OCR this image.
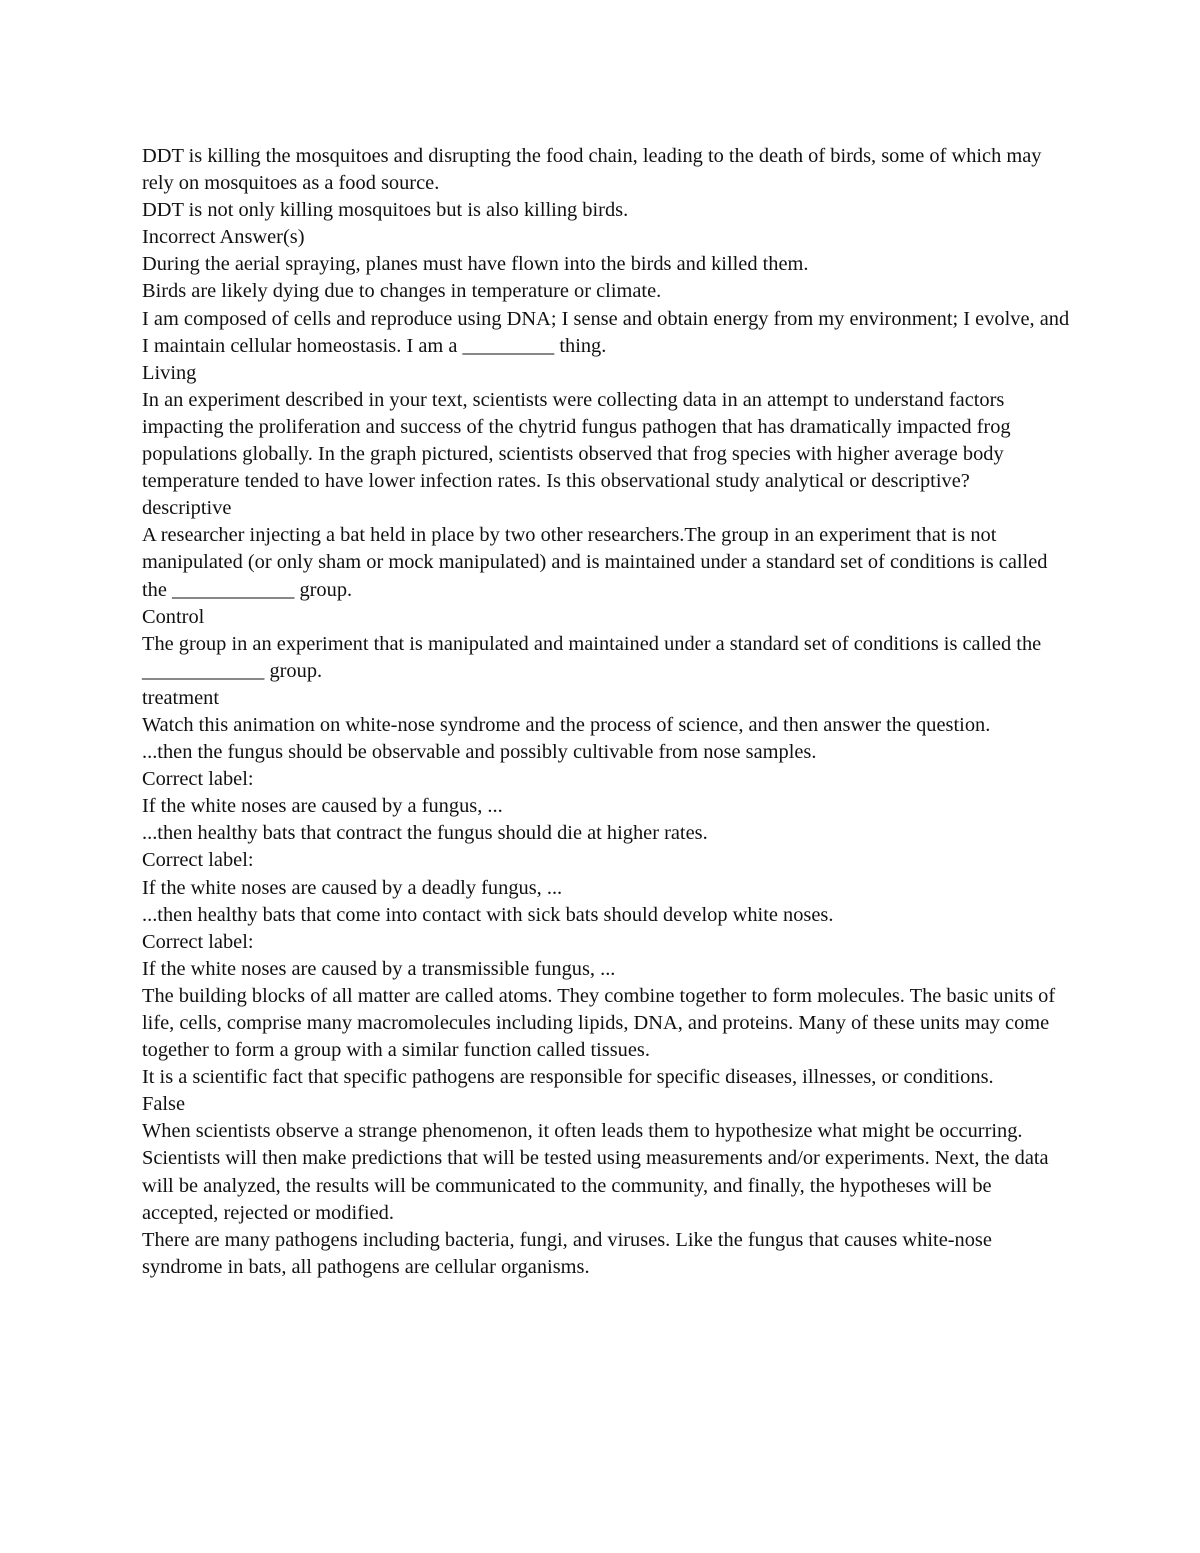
DDT is killing the mosquitoes and disrupting the food chain, leading to the death of birds, some of which may rely on mosquitoes as a food source.

DDT is not only killing mosquitoes but is also killing birds.

Incorrect Answer(s)

During the aerial spraying, planes must have flown into the birds and killed them.

Birds are likely dying due to changes in temperature or climate.

I am composed of cells and reproduce using DNA; I sense and obtain energy from my environment; I evolve, and I maintain cellular homeostasis. I am a _________ thing.

Living

In an experiment described in your text, scientists were collecting data in an attempt to understand factors impacting the proliferation and success of the chytrid fungus pathogen that has dramatically impacted frog populations globally. In the graph pictured, scientists observed that frog species with higher average body temperature tended to have lower infection rates. Is this observational study analytical or descriptive?

descriptive

A researcher injecting a bat held in place by two other researchers.The group in an experiment that is not manipulated (or only sham or mock manipulated) and is maintained under a standard set of conditions is called the ____________ group.

Control

The group in an experiment that is manipulated and maintained under a standard set of conditions is called the ____________ group.

treatment

Watch this animation on white-nose syndrome and the process of science, and then answer the question.

...then the fungus should be observable and possibly cultivable from nose samples.

Correct label:

If the white noses are caused by a fungus, ...

...then healthy bats that contract the fungus should die at higher rates.

Correct label:

If the white noses are caused by a deadly fungus, ...

...then healthy bats that come into contact with sick bats should develop white noses.

Correct label:

If the white noses are caused by a transmissible fungus, ...

The building blocks of all matter are called atoms. They combine together to form molecules. The basic units of life, cells, comprise many macromolecules including lipids, DNA, and proteins. Many of these units may come together to form a group with a similar function called tissues.

It is a scientific fact that specific pathogens are responsible for specific diseases, illnesses, or conditions.

False

When scientists observe a strange phenomenon, it often leads them to hypothesize what might be occurring. Scientists will then make predictions that will be tested using measurements and/or experiments. Next, the data will be analyzed, the results will be communicated to the community, and finally, the hypotheses will be accepted, rejected or modified.

There are many pathogens including bacteria, fungi, and viruses. Like the fungus that causes white-nose syndrome in bats, all pathogens are cellular organisms.
